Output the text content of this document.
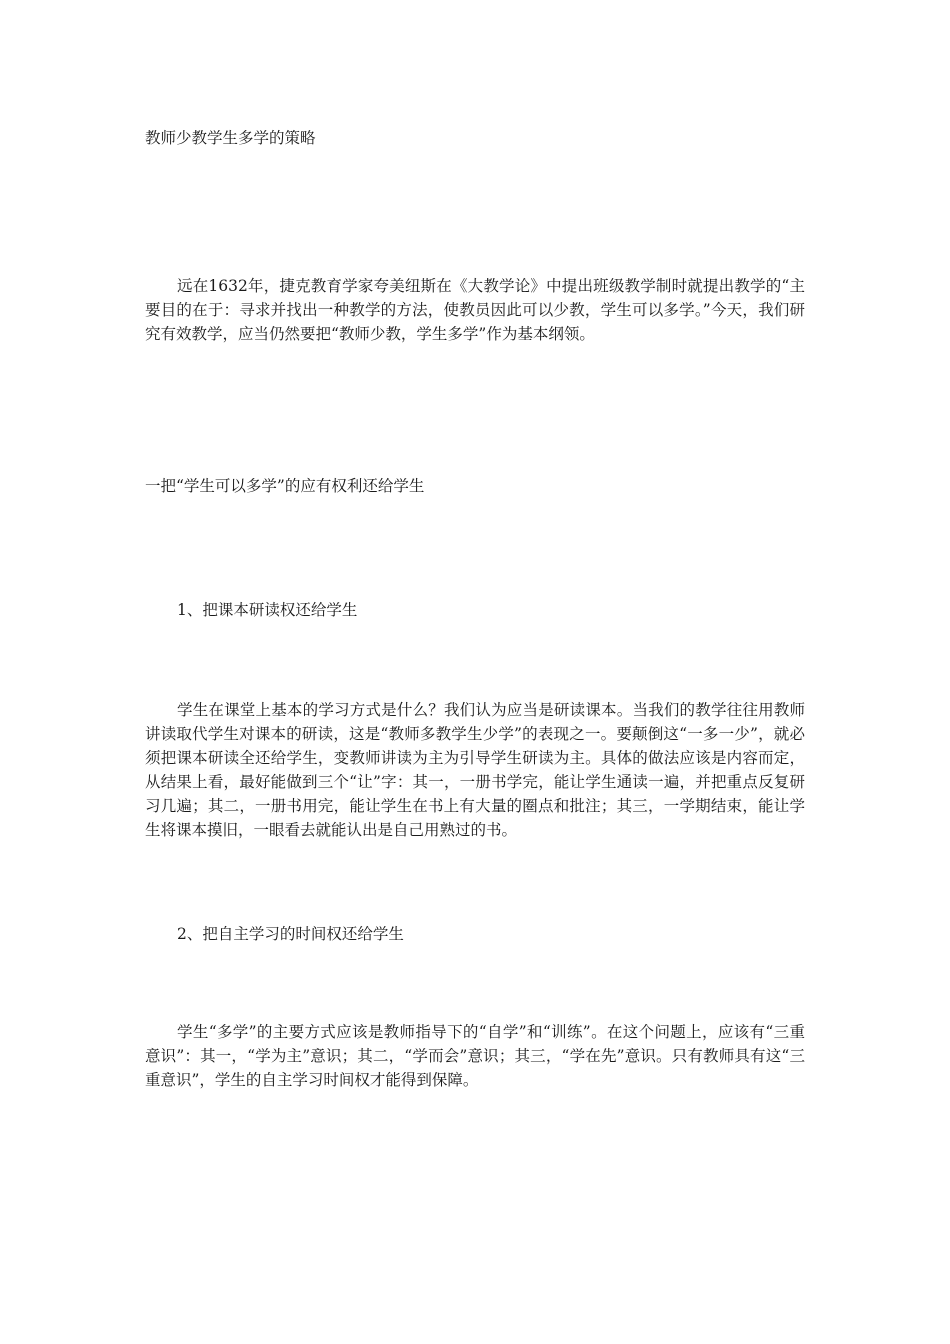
教师少教学生多学的策略

远在1632年，捷克教育学家夸美纽斯在《大教学论》中提出班级教学制时就提出教学的“主要目的在于：寻求并找出一种教学的方法，使教员因此可以少教，学生可以多学。”今天，我们研究有效教学，应当仍然要把“教师少教，学生多学”作为基本纲领。

一把“学生可以多学”的应有权利还给学生

1、把课本研读权还给学生

学生在课堂上基本的学习方式是什么？我们认为应当是研读课本。当我们的教学往往用教师讲读取代学生对课本的研读，这是“教师多教学生少学”的表现之一。要颠倒这“一多一少”，就必须把课本研读全还给学生，变教师讲读为主为引导学生研读为主。具体的做法应该是内容而定，从结果上看，最好能做到三个“让”字：其一，一册书学完，能让学生通读一遍，并把重点反复研习几遍；其二，一册书用完，能让学生在书上有大量的圈点和批注；其三，一学期结束，能让学生将课本摸旧，一眼看去就能认出是自己用熟过的书。

2、把自主学习的时间权还给学生

学生“多学”的主要方式应该是教师指导下的“自学”和“训练”。在这个问题上，应该有“三重意识”：其一，“学为主”意识；其二，“学而会”意识；其三，“学在先”意识。只有教师具有这“三重意识”，学生的自主学习时间权才能得到保障。
